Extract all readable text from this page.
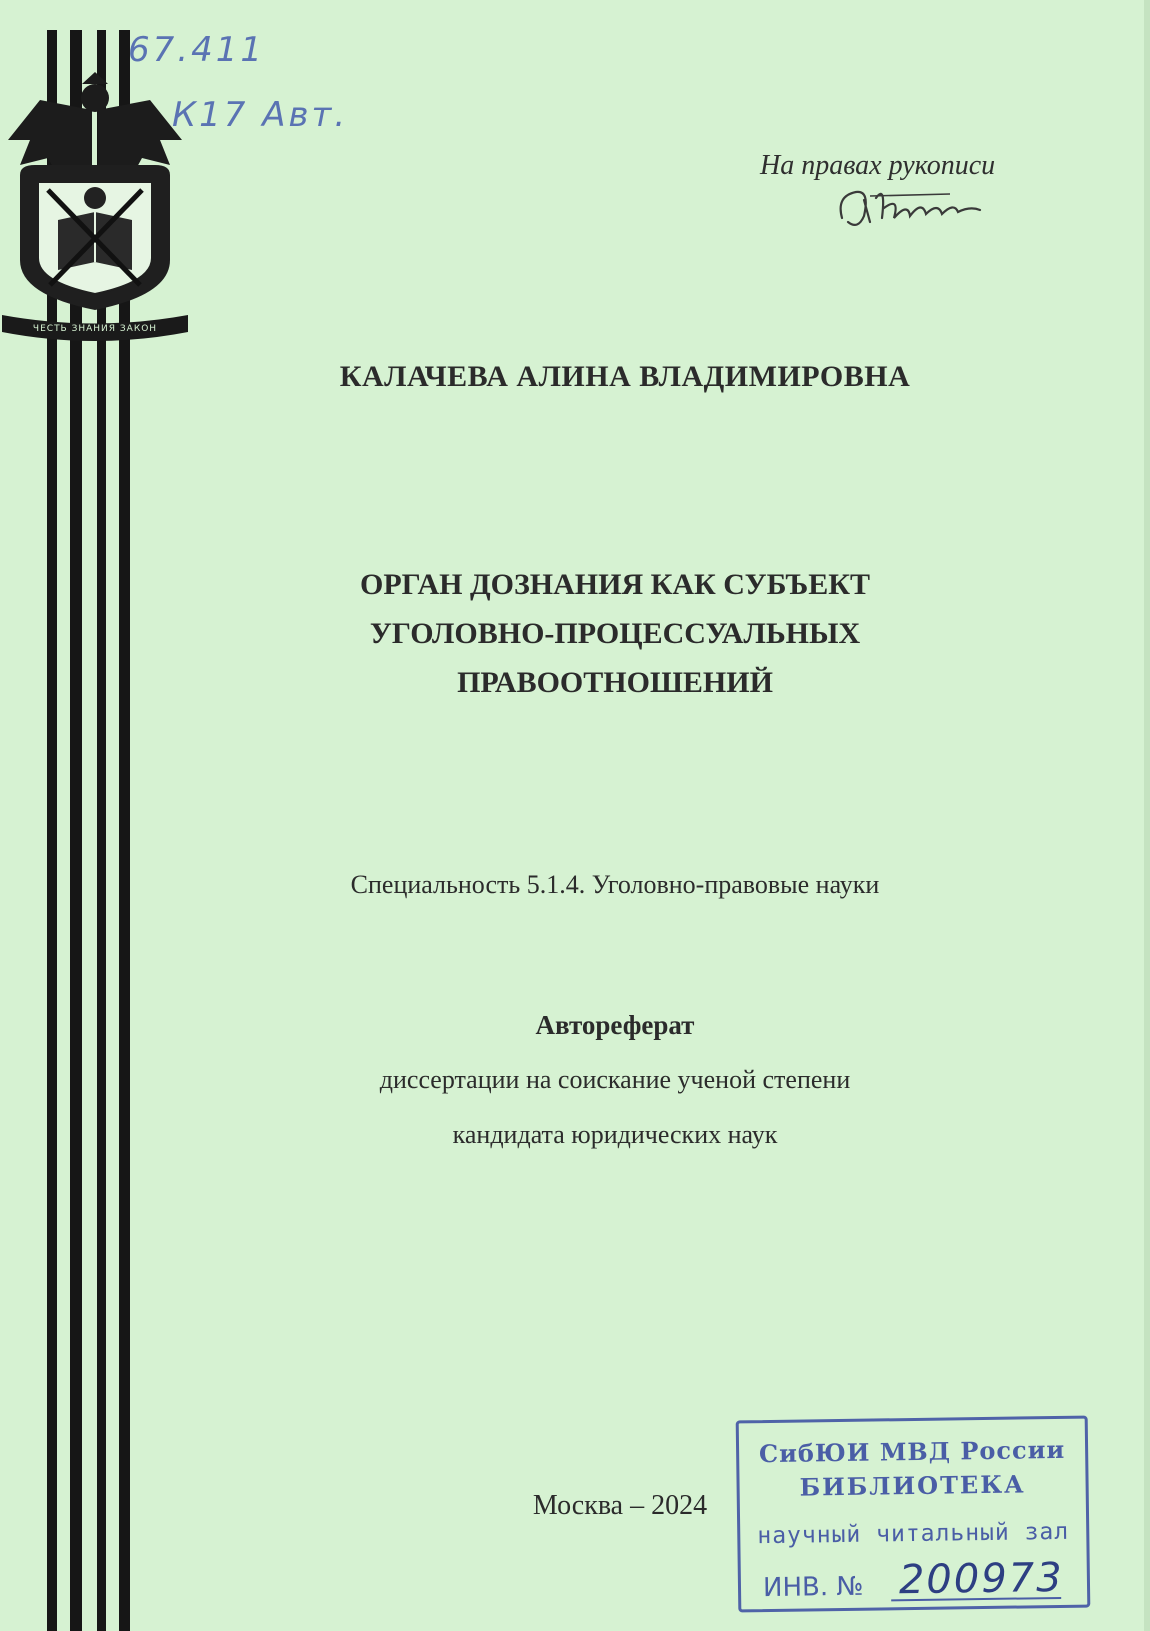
ЧЕСТЬ ЗНАНИЯ ЗАКОН
67.411
К17 Авт.
На правах рукописи
КАЛАЧЕВА АЛИНА ВЛАДИМИРОВНА
ОРГАН ДОЗНАНИЯ КАК СУБЪЕКТ
УГОЛОВНО-ПРОЦЕССУАЛЬНЫХ
ПРАВООТНОШЕНИЙ
Специальность 5.1.4. Уголовно-правовые науки
Автореферат
диссертации на соискание ученой степени
кандидата юридических наук
Москва – 2024
СибЮИ МВД России
БИБЛИОТЕКА
научный читальный зал
ИНВ. № 200973
